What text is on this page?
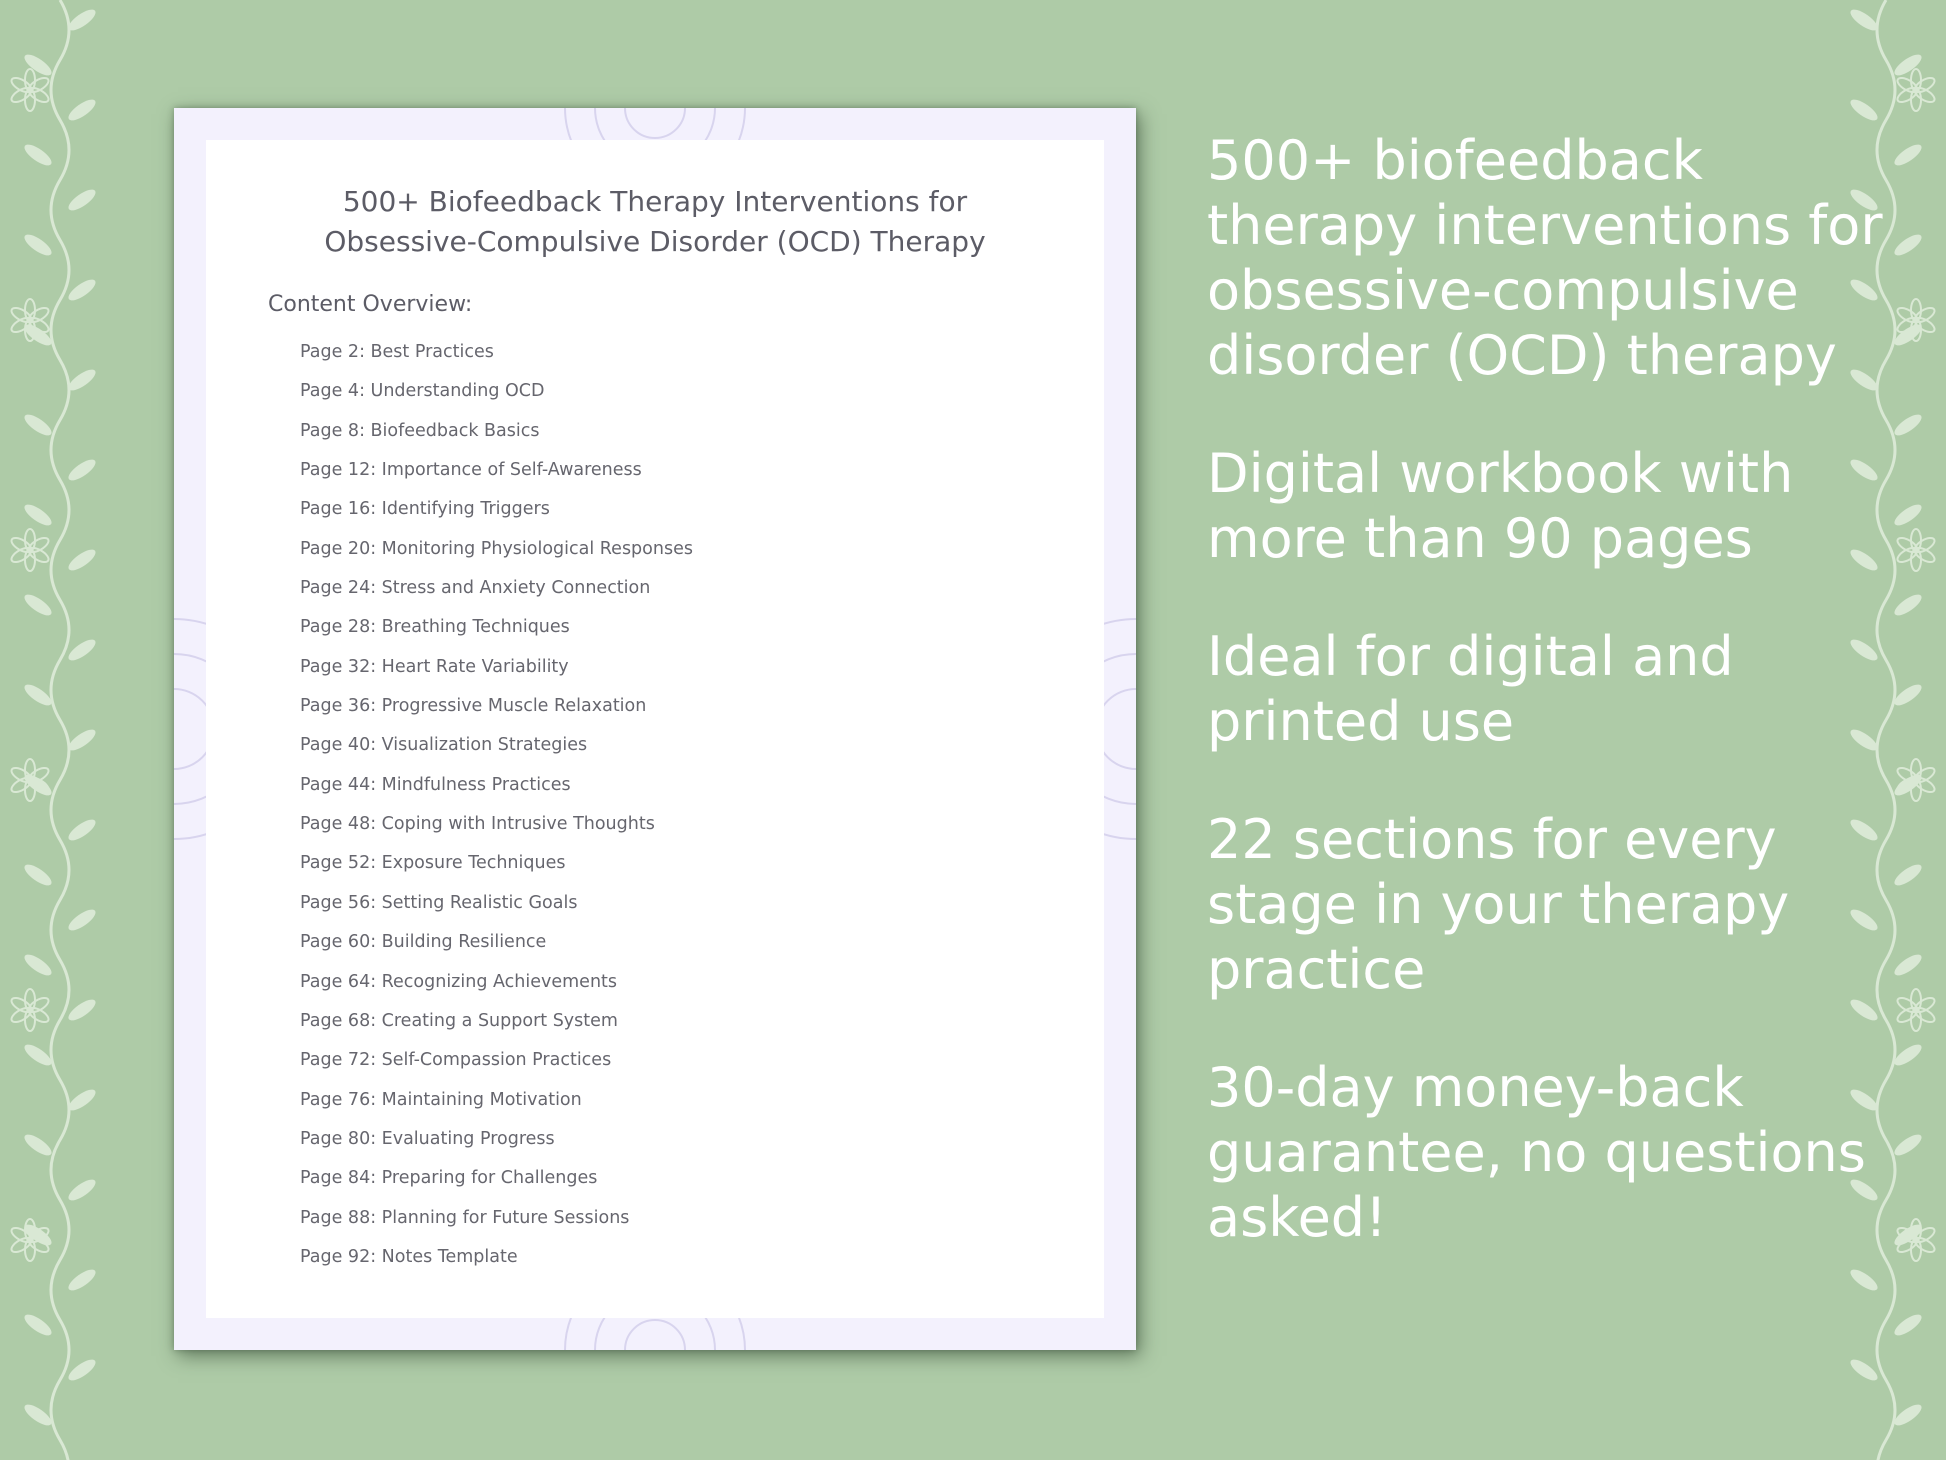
500+ Biofeedback Therapy Interventions for
Obsessive-Compulsive Disorder (OCD) Therapy
Content Overview:
Page 2: Best Practices
Page 4: Understanding OCD
Page 8: Biofeedback Basics
Page 12: Importance of Self-Awareness
Page 16: Identifying Triggers
Page 20: Monitoring Physiological Responses
Page 24: Stress and Anxiety Connection
Page 28: Breathing Techniques
Page 32: Heart Rate Variability
Page 36: Progressive Muscle Relaxation
Page 40: Visualization Strategies
Page 44: Mindfulness Practices
Page 48: Coping with Intrusive Thoughts
Page 52: Exposure Techniques
Page 56: Setting Realistic Goals
Page 60: Building Resilience
Page 64: Recognizing Achievements
Page 68: Creating a Support System
Page 72: Self-Compassion Practices
Page 76: Maintaining Motivation
Page 80: Evaluating Progress
Page 84: Preparing for Challenges
Page 88: Planning for Future Sessions
Page 92: Notes Template

500+ biofeedback therapy interventions for obsessive-compulsive disorder (OCD) therapy

Digital workbook with more than 90 pages

Ideal for digital and printed use

22 sections for every stage in your therapy practice

30-day money-back guarantee, no questions asked!
